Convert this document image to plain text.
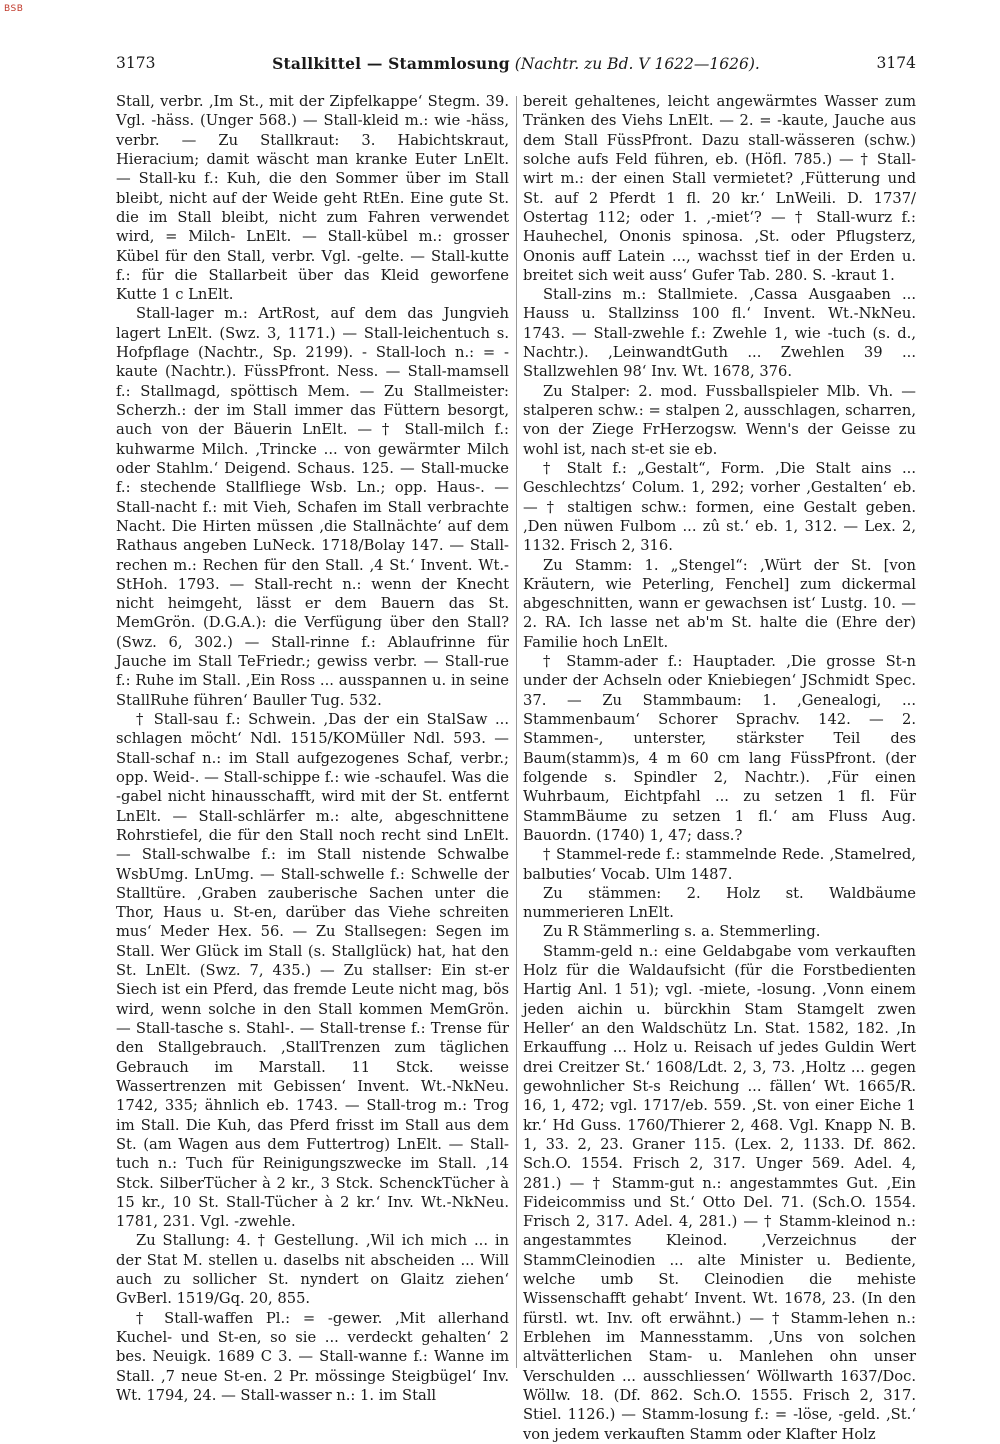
BSB
3173	Stallkittel — Stammlosung (Nachtr. zu Bd. V 1622—1626).	3174

Stall, verbr. ‚Im St., mit der Zipfelkappe‘ Stegm. 39. Vgl. -häss. (Unger 568.) — Stall-kleid m.: wie -häss, verbr. — Zu Stallkraut: 3. Habichtskraut, Hieracium; damit wäscht man kranke Euter LnElt. — Stall-ku f.: Kuh, die den Sommer über im Stall bleibt, nicht auf der Weide geht RtEn. Eine gute St. die im Stall bleibt, nicht zum Fahren verwendet wird, = Milch- LnElt. — Stall-kübel m.: grosser Kübel für den Stall, verbr. Vgl. -gelte. — Stall-kutte f.: für die Stallarbeit über das Kleid geworfene Kutte 1 c LnElt.

Stall-lager m.: ArtRost, auf dem das Jungvieh lagert LnElt. (Swz. 3, 1171.) — Stall-leichentuch s. Hofpflage (Nachtr., Sp. 2199). - Stall-loch n.: = -kaute (Nachtr.). FüssPfront. Ness. — Stall-mamsell f.: Stallmagd, spöttisch Mem. — Zu Stallmeister: Scherzh.: der im Stall immer das Füttern besorgt, auch von der Bäuerin LnElt. — † Stall-milch f.: kuhwarme Milch. ‚Trincke ... von gewärmter Milch oder Stahlm.‘ Deigend. Schaus. 125. — Stall-mucke f.: stechende Stallfliege Wsb. Ln.; opp. Haus-. — Stall-nacht f.: mit Vieh, Schafen im Stall verbrachte Nacht. Die Hirten müssen ‚die Stallnächte‘ auf dem Rathaus angeben LuNeck. 1718/Bolay 147. — Stall-rechen m.: Rechen für den Stall. ‚4 St.‘ Invent. Wt.-StHoh. 1793. — Stall-recht n.: wenn der Knecht nicht heimgeht, lässt er dem Bauern das St. MemGrön. (D.G.A.): die Verfügung über den Stall? (Swz. 6, 302.) — Stall-rinne f.: Ablaufrinne für Jauche im Stall TeFriedr.; gewiss verbr. — Stall-rue f.: Ruhe im Stall. ‚Ein Ross ... ausspannen u. in seine StallRuhe führen‘ Bauller Tug. 532.

† Stall-sau f.: Schwein. ‚Das der ein StalSaw ... schlagen möcht‘ Ndl. 1515/KOMüller Ndl. 593. — Stall-schaf n.: im Stall aufgezogenes Schaf, verbr.; opp. Weid-. — Stall-schippe f.: wie -schaufel. Was die -gabel nicht hinausschafft, wird mit der St. entfernt LnElt. — Stall-schlärfer m.: alte, abgeschnittene Rohrstiefel, die für den Stall noch recht sind LnElt. — Stall-schwalbe f.: im Stall nistende Schwalbe WsbUmg. LnUmg. — Stall-schwelle f.: Schwelle der Stalltüre. ‚Graben zauberische Sachen unter die Thor, Haus u. St-en, darüber das Viehe schreiten mus‘ Meder Hex. 56. — Zu Stallsegen: Segen im Stall. Wer Glück im Stall (s. Stallglück) hat, hat den St. LnElt. (Swz. 7, 435.) — Zu stallser: Ein st-er Siech ist ein Pferd, das fremde Leute nicht mag, bös wird, wenn solche in den Stall kommen MemGrön. — Stall-tasche s. Stahl-. — Stall-trense f.: Trense für den Stallgebrauch. ‚StallTrenzen zum täglichen Gebrauch im Marstall. 11 Stck. weisse Wassertrenzen mit Gebissen‘ Invent. Wt.-NkNeu. 1742, 335; ähnlich eb. 1743. — Stall-trog m.: Trog im Stall. Die Kuh, das Pferd frisst im Stall aus dem St. (am Wagen aus dem Futtertrog) LnElt. — Stall-tuch n.: Tuch für Reinigungszwecke im Stall. ‚14 Stck. SilberTücher à 2 kr., 3 Stck. SchenckTücher à 15 kr., 10 St. Stall-Tücher à 2 kr.‘ Inv. Wt.-NkNeu. 1781, 231. Vgl. -zwehle.

Zu Stallung: 4. † Gestellung. ‚Wil ich mich ... in der Stat M. stellen u. daselbs nit abscheiden ... Will auch zu sollicher St. nyndert on Glaitz ziehen‘ GvBerl. 1519/Gq. 20, 855.

† Stall-waffen Pl.: = -gewer. ‚Mit allerhand Kuchel- und St-en, so sie ... verdeckt gehalten‘ 2 bes. Neuigk. 1689 C 3. — Stall-wanne f.: Wanne im Stall. ‚7 neue St-en. 2 Pr. mössinge Steigbügel‘ Inv. Wt. 1794, 24. — Stall-wasser n.: 1. im Stall

bereit gehaltenes, leicht angewärmtes Wasser zum Tränken des Viehs LnElt. — 2. = -kaute, Jauche aus dem Stall FüssPfront. Dazu stall-wässeren (schw.) solche aufs Feld führen, eb. (Höfl. 785.) — † Stall-wirt m.: der einen Stall vermietet? ‚Fütterung und St. auf 2 Pferdt 1 fl. 20 kr.‘ LnWeili. D. 1737/ Ostertag 112; oder 1. ‚-miet‘? — † Stall-wurz f.: Hauhechel, Ononis spinosa. ‚St. oder Pflugsterz, Ononis auff Latein ..., wachsst tief in der Erden u. breitet sich weit auss‘ Gufer Tab. 280. S. -kraut 1.

Stall-zins m.: Stallmiete. ‚Cassa Ausgaaben ... Hauss u. Stallzinss 100 fl.‘ Invent. Wt.-NkNeu. 1743. — Stall-zwehle f.: Zwehle 1, wie -tuch (s. d., Nachtr.). ‚LeinwandtGuth ... Zwehlen 39 ... Stallzwehlen 98‘ Inv. Wt. 1678, 376.

Zu Stalper: 2. mod. Fussballspieler Mlb. Vh. — stalperen schw.: = stalpen 2, ausschlagen, scharren, von der Ziege FrHerzogsw. Wenn's der Geisse zu wohl ist, nach st-et sie eb.

† Stalt f.: „Gestalt“, Form. ‚Die Stalt ains ... Geschlechtzs‘ Colum. 1, 292; vorher ‚Gestalten‘ eb. — † staltigen schw.: formen, eine Gestalt geben. ‚Den nüwen Fulbom ... zû st.‘ eb. 1, 312. — Lex. 2, 1132. Frisch 2, 316.

Zu Stamm: 1. „Stengel“: ‚Würt der St. [von Kräutern, wie Peterling, Fenchel] zum dickermal abgeschnitten, wann er gewachsen ist‘ Lustg. 10. — 2. RA. Ich lasse net ab'm St. halte die (Ehre der) Familie hoch LnElt.

† Stamm-ader f.: Hauptader. ‚Die grosse St-n under der Achseln oder Kniebiegen‘ JSchmidt Spec. 37. — Zu Stammbaum: 1. ‚Genealogi, ... Stammenbaum‘ Schorer Sprachv. 142. — 2. Stammen-, unterster, stärkster Teil des Baum(stamm)s, 4 m 60 cm lang FüssPfront. (der folgende s. Spindler 2, Nachtr.). ‚Für einen Wuhrbaum, Eichtpfahl ... zu setzen 1 fl. Für StammBäume zu setzen 1 fl.‘ am Fluss Aug. Bauordn. (1740) 1, 47; dass.?

† Stammel-rede f.: stammelnde Rede. ‚Stamelred, balbuties‘ Vocab. Ulm 1487.

Zu stämmen: 2. Holz st. Waldbäume nummerieren LnElt.

Zu R Stämmerling s. a. Stemmerling.

Stamm-geld n.: eine Geldabgabe vom verkauften Holz für die Waldaufsicht (für die Forstbedienten Hartig Anl. 1 51); vgl. -miete, -losung. ‚Vonn einem jeden aichin u. bürckhin Stam Stamgelt zwen Heller‘ an den Waldschütz Ln. Stat. 1582, 182. ‚In Erkauffung ... Holz u. Reisach uf jedes Guldin Wert drei Creitzer St.‘ 1608/Ldt. 2, 3, 73. ‚Holtz ... gegen gewohnlicher St-s Reichung ... fällen‘ Wt. 1665/R. 16, 1, 472; vgl. 1717/eb. 559. ‚St. von einer Eiche 1 kr.‘ Hd Guss. 1760/Thierer 2, 468. Vgl. Knapp N. B. 1, 33. 2, 23. Graner 115. (Lex. 2, 1133. Df. 862. Sch.O. 1554. Frisch 2, 317. Unger 569. Adel. 4, 281.) — † Stamm-gut n.: angestammtes Gut. ‚Ein Fideicommiss und St.‘ Otto Del. 71. (Sch.O. 1554. Frisch 2, 317. Adel. 4, 281.) — † Stamm-kleinod n.: angestammtes Kleinod. ‚Verzeichnus der StammCleinodien ... alte Minister u. Bediente, welche umb St. Cleinodien die mehiste Wissenschafft gehabt‘ Invent. Wt. 1678, 23. (In den fürstl. wt. Inv. oft erwähnt.) — † Stamm-lehen n.: Erblehen im Mannesstamm. ‚Uns von solchen altvätterlichen Stam- u. Manlehen ohn unser Verschulden ... ausschliessen‘ Wöllwarth 1637/Doc. Wöllw. 18. (Df. 862. Sch.O. 1555. Frisch 2, 317. Stiel. 1126.) — Stamm-losung f.: = -löse, -geld. ‚St.‘ von jedem verkauften Stamm oder Klafter Holz
